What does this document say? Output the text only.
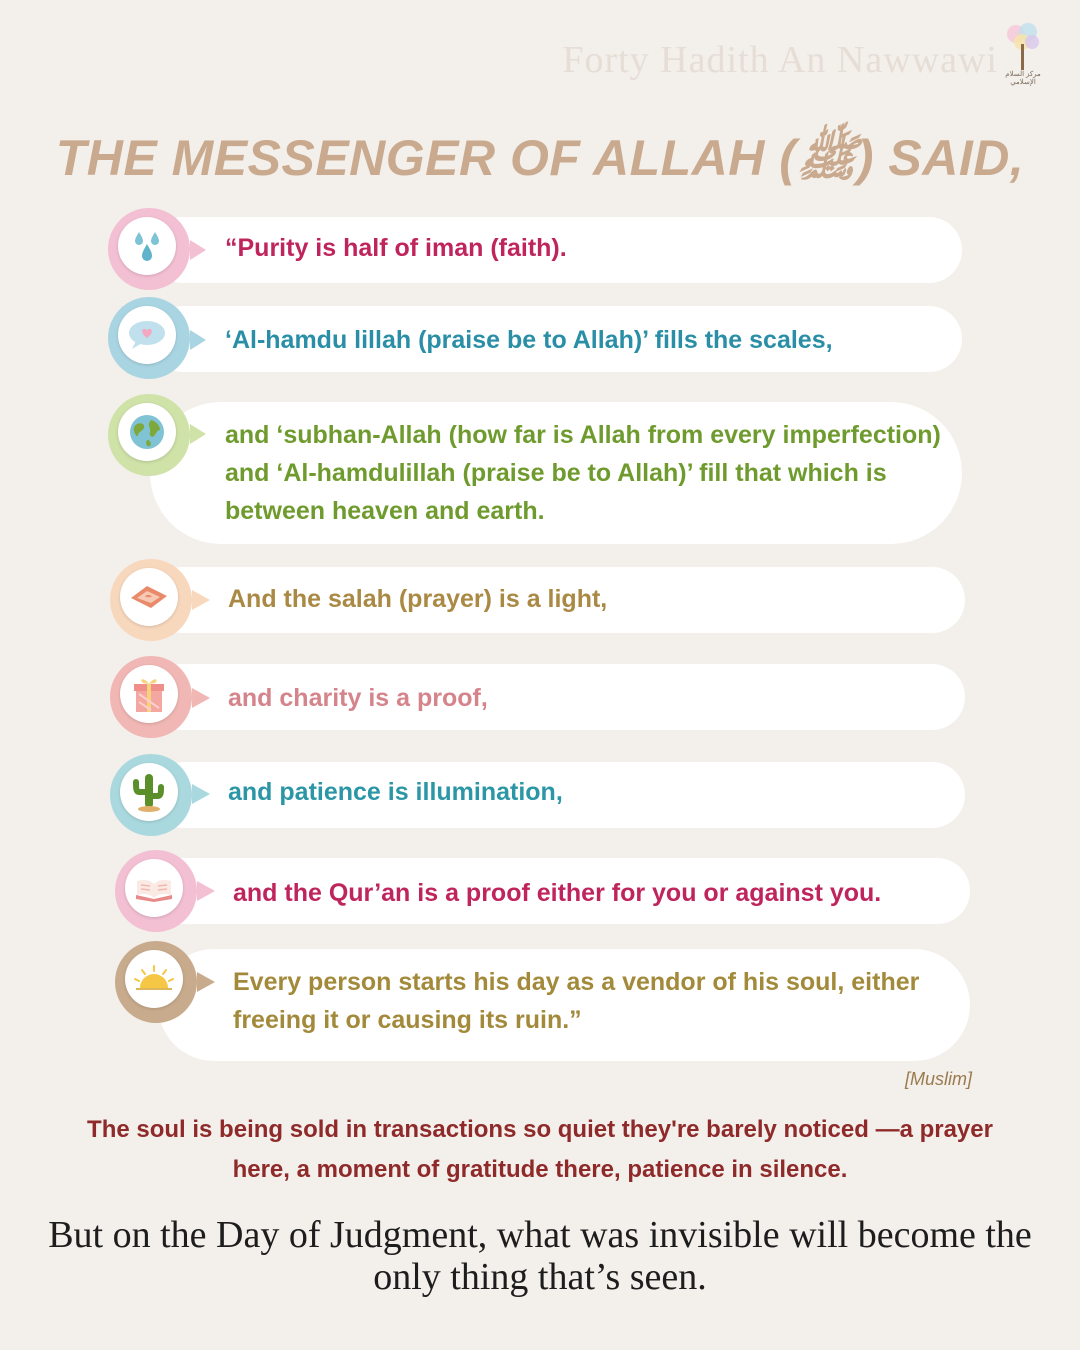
Forty Hadith An Nawwawi	مركز السلام الإسلامي
THE MESSENGER OF ALLAH (ﷺ) SAID,
“Purity is half of iman (faith).
‘Al-hamdu lillah (praise be to Allah)’ fills the scales,
and ‘subhan-Allah (how far is Allah from every imperfection) and ‘Al-hamdulillah (praise be to Allah)’ fill that which is between heaven and earth.
And the salah (prayer) is a light,
and charity is a proof,
and patience is illumination,
and the Qur’an is a proof either for you or against you.
Every person starts his day as a vendor of his soul, either freeing it or causing its ruin.”
[Muslim]
The soul is being sold in transactions so quiet they're barely noticed —a prayer here, a moment of gratitude there, patience in silence.
But on the Day of Judgment, what was invisible will become the only thing that’s seen.
